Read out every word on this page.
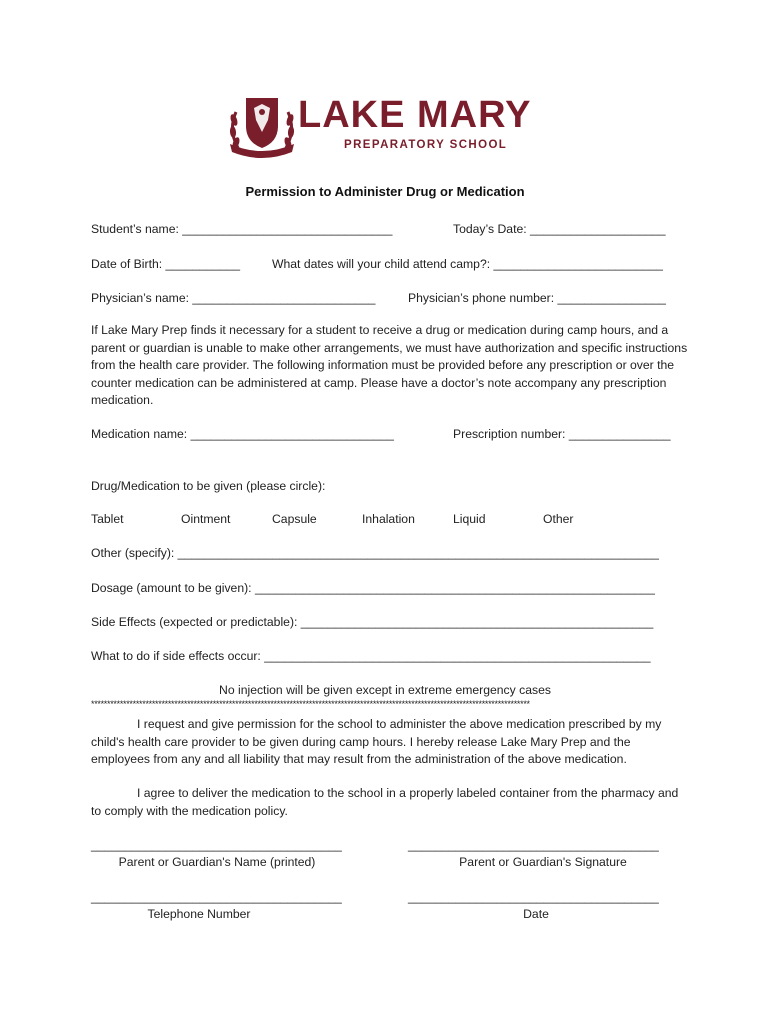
LAKE MARY
PREPARATORY SCHOOL
Permission to Administer Drug or Medication
Student’s name: _______________________________	Today’s Date: ____________________
Date of Birth: ___________	What dates will your child attend camp?: _________________________
Physician’s name: ___________________________	Physician’s phone number: ________________
If Lake Mary Prep finds it necessary for a student to receive a drug or medication during camp hours, and a parent or guardian is unable to make other arrangements, we must have authorization and specific instructions from the health care provider. The following information must be provided before any prescription or over the counter medication can be administered at camp. Please have a doctor’s note accompany any prescription medication.
Medication name: ______________________________	Prescription number: _______________
Drug/Medication to be given (please circle):
Tablet	Ointment	Capsule	Inhalation	Liquid	Other
Other (specify): _______________________________________________________________________
Dosage (amount to be given): ___________________________________________________________
Side Effects (expected or predictable): ____________________________________________________
What to do if side effects occur: _________________________________________________________
No injection will be given except in extreme emergency cases
*****************************************************************************************************************************************
I request and give permission for the school to administer the above medication prescribed by my child's health care provider to be given during camp hours. I hereby release Lake Mary Prep and the employees from any and all liability that may result from the administration of the above medication.
I agree to deliver the medication to the school in a properly labeled container from the pharmacy and to comply with the medication policy.
_____________________________________	_____________________________________
Parent or Guardian's Name (printed)	Parent or Guardian's Signature
_____________________________________	_____________________________________
Telephone Number	Date
